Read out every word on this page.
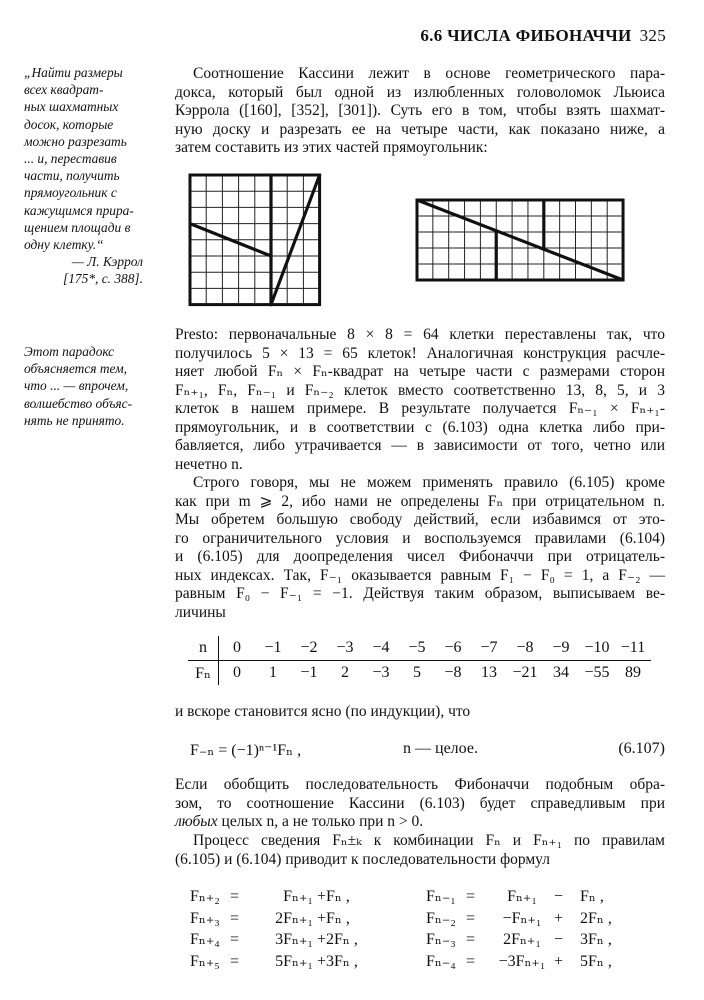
6.6 ЧИСЛА ФИБОНАЧЧИ 325
„Найти размеры
всех квадрат-
ных шахматных
досок, которые
можно разрезать
... и, переставив
части, получить
прямоугольник с
кажущимся прира-
щением площади в
одну клетку.“
— Л. Кэррол
[175*, с. 388].
Этот парадокс
объясняется тем,
что ... — впрочем,
волшебство объяс-
нять не принято.
Соотношение Кассини лежит в основе геометрического пара-
докса, который был одной из излюбленных головоломок Льюиса
Кэррола ([160], [352], [301]). Суть его в том, чтобы взять шахмат-
ную доску и разрезать ее на четыре части, как показано ниже, а
затем составить из этих частей прямоугольник:
Presto: первоначальные 8 × 8 = 64 клетки переставлены так, что
получилось 5 × 13 = 65 клеток! Аналогичная конструкция расчле-
няет любой Fₙ × Fₙ-квадрат на четыре части с размерами сторон
Fₙ₊₁, Fₙ, Fₙ₋₁ и Fₙ₋₂ клеток вместо соответственно 13, 8, 5, и 3
клеток в нашем примере. В результате получается Fₙ₋₁ × Fₙ₊₁-
прямоугольник, и в соответствии с (6.103) одна клетка либо при-
бавляется, либо утрачивается — в зависимости от того, четно или
нечетно n.
Строго говоря, мы не можем применять правило (6.105) кроме
как при m ⩾ 2, ибо нами не определены Fₙ при отрицательном n.
Мы обретем большую свободу действий, если избавимся от это-
го ограничительного условия и воспользуемся правилами (6.104)
и (6.105) для доопределения чисел Фибоначчи при отрицатель-
ных индексах. Так, F₋₁ оказывается равным F₁ − F₀ = 1, а F₋₂ —
равным F₀ − F₋₁ = −1. Действуя таким образом, выписываем ве-
личины
n	0	−1	−2	−3	−4	−5	−6	−7	−8	−9	−10	−11
Fₙ	0	1	−1	2	−3	5	−8	13	−21	34	−55	89
и вскоре становится ясно (по индукции), что
F₋ₙ = (−1)ⁿ⁻¹Fₙ ,	n — целое.	(6.107)
Если обобщить последовательность Фибоначчи подобным обра-
зом, то соотношение Кассини (6.103) будет справедливым при
любых целых n, а не только при n > 0.
Процесс сведения Fₙ±ₖ к комбинации Fₙ и Fₙ₊₁ по правилам
(6.105) и (6.104) приводит к последовательности формул
Fₙ₊₂ =	Fₙ₊₁ + Fₙ ,	Fₙ₋₁ =	Fₙ₊₁	−	Fₙ ,
Fₙ₊₃ =	2Fₙ₊₁ + Fₙ ,	Fₙ₋₂ =	−Fₙ₊₁ +	2Fₙ ,
Fₙ₊₄ =	3Fₙ₊₁ + 2Fₙ ,	Fₙ₋₃ =	2Fₙ₊₁ −	3Fₙ ,
Fₙ₊₅ =	5Fₙ₊₁ + 3Fₙ ,	Fₙ₋₄ =	−3Fₙ₊₁ +	5Fₙ ,
